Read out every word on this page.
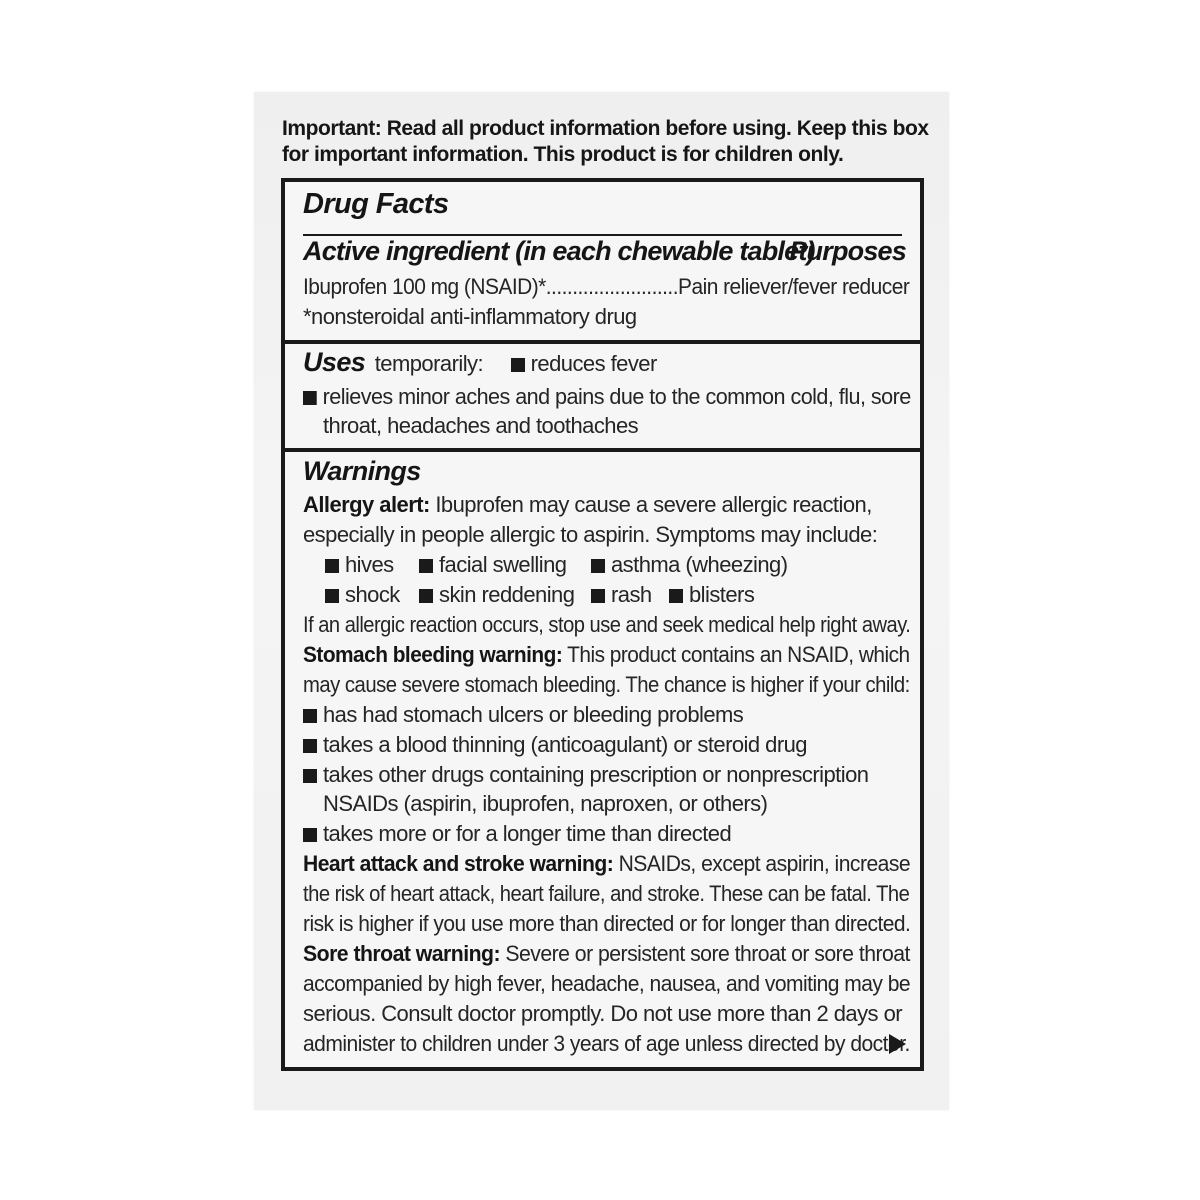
Important: Read all product information before using. Keep this box for important information. This product is for children only.
Drug Facts
Active ingredient (in each chewable tablet)
Purposes
Ibuprofen 100 mg (NSAID)*.........................Pain reliever/fever reducer
*nonsteroidal anti-inflammatory drug
Uses temporarily: reduces fever
relieves minor aches and pains due to the common cold, flu, sore
throat, headaches and toothaches
Warnings
Allergy alert: Ibuprofen may cause a severe allergic reaction,
especially in people allergic to aspirin. Symptoms may include:
hives	facial swelling	asthma (wheezing)
shock	skin reddening	rash	blisters
If an allergic reaction occurs, stop use and seek medical help right away.
Stomach bleeding warning: This product contains an NSAID, which
may cause severe stomach bleeding. The chance is higher if your child:
has had stomach ulcers or bleeding problems
takes a blood thinning (anticoagulant) or steroid drug
takes other drugs containing prescription or nonprescription
NSAIDs (aspirin, ibuprofen, naproxen, or others)
takes more or for a longer time than directed
Heart attack and stroke warning: NSAIDs, except aspirin, increase
the risk of heart attack, heart failure, and stroke. These can be fatal. The
risk is higher if you use more than directed or for longer than directed.
Sore throat warning: Severe or persistent sore throat or sore throat
accompanied by high fever, headache, nausea, and vomiting may be
serious. Consult doctor promptly. Do not use more than 2 days or
administer to children under 3 years of age unless directed by doctor.
